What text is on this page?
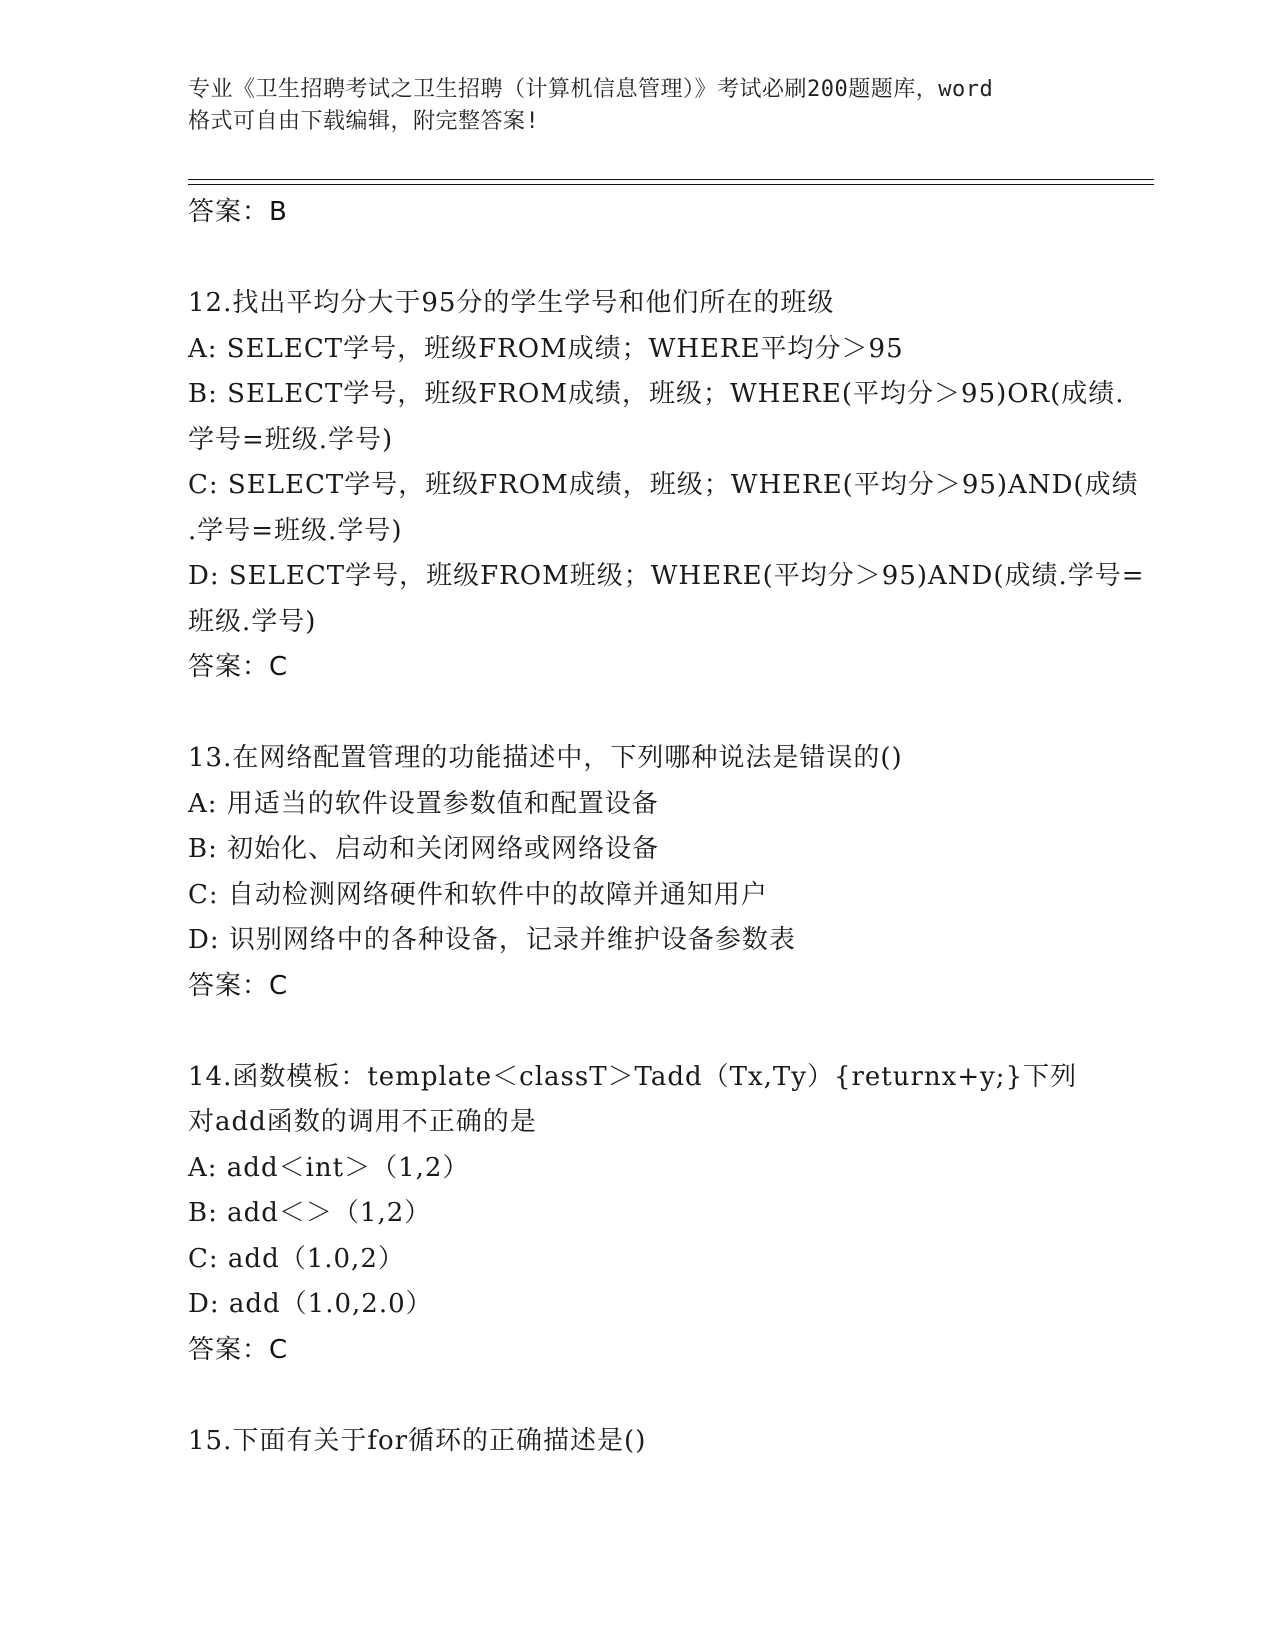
专业《卫生招聘考试之卫生招聘（计算机信息管理）》考试必刷200题题库，word
格式可自由下载编辑，附完整答案!
答案：B
12.找出平均分大于95分的学生学号和他们所在的班级
A: SELECT学号，班级FROM成绩；WHERE平均分＞95
B: SELECT学号，班级FROM成绩，班级；WHERE(平均分＞95)OR(成绩.
学号=班级.学号)
C: SELECT学号，班级FROM成绩，班级；WHERE(平均分＞95)AND(成绩
.学号=班级.学号)
D: SELECT学号，班级FROM班级；WHERE(平均分＞95)AND(成绩.学号=
班级.学号)
答案：C
13.在网络配置管理的功能描述中，下列哪种说法是错误的()
A: 用适当的软件设置参数值和配置设备
B: 初始化、启动和关闭网络或网络设备
C: 自动检测网络硬件和软件中的故障并通知用户
D: 识别网络中的各种设备，记录并维护设备参数表
答案：C
14.函数模板：template＜classT＞Tadd（Tx,Ty）{returnx+y;}下列
对add函数的调用不正确的是
A: add＜int＞（1,2）
B: add＜＞（1,2）
C: add（1.0,2）
D: add（1.0,2.0）
答案：C
15.下面有关于for循环的正确描述是()
